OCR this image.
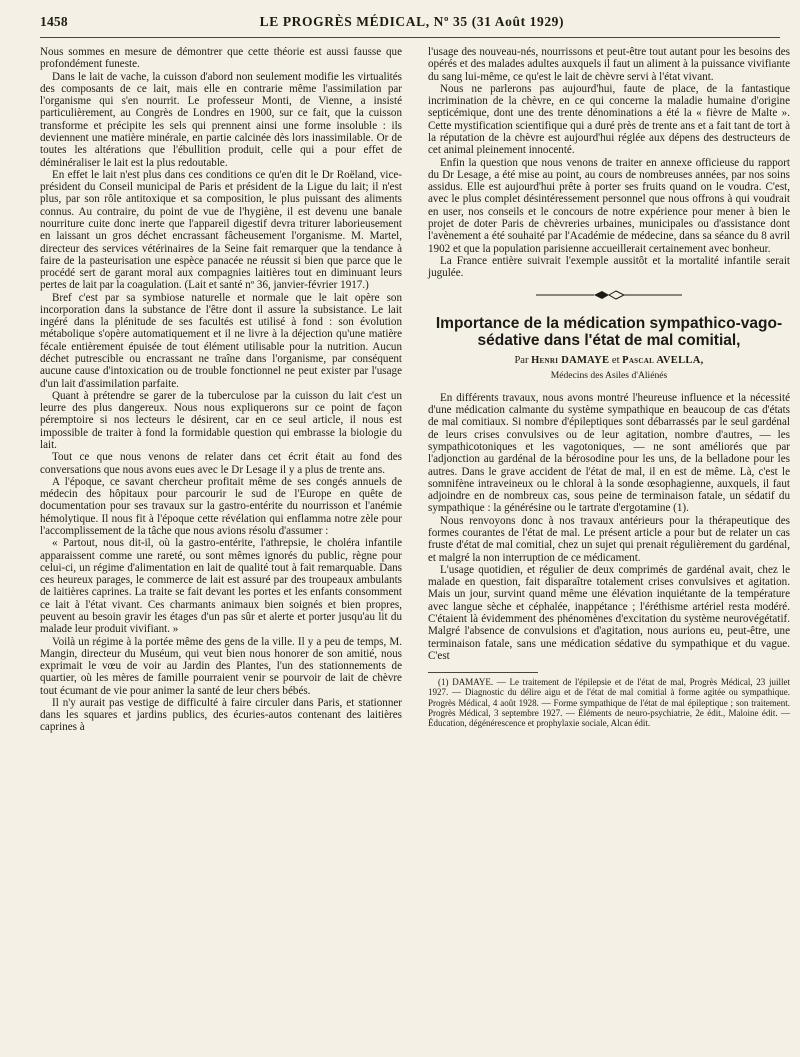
1458	LE PROGRÈS MÉDICAL, Nº 35 (31 Août 1929)

Nous sommes en mesure de démontrer que cette théorie est aussi fausse que profondément funeste.

Dans le lait de vache, la cuisson d'abord non seulement modifie les virtualités des composants de ce lait, mais elle en contrarie même l'assimilation par l'organisme qui s'en nourrit. Le professeur Monti, de Vienne, a insisté particulièrement, au Congrès de Londres en 1900, sur ce fait, que la cuisson transforme et précipite les sels qui prennent ainsi une forme insoluble : ils deviennent une matière minérale, en partie calcinée dès lors inassimilable. Or de toutes les altérations que l'ébullition produit, celle qui a pour effet de déminéraliser le lait est la plus redoutable.

En effet le lait n'est plus dans ces conditions ce qu'en dit le Dr Roëland, vice-président du Conseil municipal de Paris et président de la Ligue du lait; il n'est plus, par son rôle antitoxique et sa composition, le plus puissant des aliments connus. Au contraire, du point de vue de l'hygiène, il est devenu une banale nourriture cuite donc inerte que l'appareil digestif devra triturer laborieusement en laissant un gros déchet encrassant fâcheusement l'organisme. M. Martel, directeur des services vétérinaires de la Seine fait remarquer que la tendance à faire de la pasteurisation une espèce panacée ne réussit si bien que parce que le procédé sert de garant moral aux compagnies laitières tout en diminuant leurs pertes de lait par la coagulation. (Lait et santé nº 36, janvier-février 1917.)

Bref c'est par sa symbiose naturelle et normale que le lait opère son incorporation dans la substance de l'être dont il assure la subsistance. Le lait ingéré dans la plénitude de ses facultés est utilisé à fond : son évolution métabolique s'opère automatiquement et il ne livre à la déjection qu'une matière fécale entièrement épuisée de tout élément utilisable pour la nutrition. Aucun déchet putrescible ou encrassant ne traîne dans l'organisme, par conséquent aucune cause d'intoxication ou de trouble fonctionnel ne peut exister par l'usage d'un lait d'assimilation parfaite.

Quant à prétendre se garer de la tuberculose par la cuisson du lait c'est un leurre des plus dangereux. Nous nous expliquerons sur ce point de façon péremptoire si nos lecteurs le désirent, car en ce seul article, il nous est impossible de traiter à fond la formidable question qui embrasse la biologie du lait.

Tout ce que nous venons de relater dans cet écrit était au fond des conversations que nous avons eues avec le Dr Lesage il y a plus de trente ans.

A l'époque, ce savant chercheur profitait même de ses congés annuels de médecin des hôpitaux pour parcourir le sud de l'Europe en quête de documentation pour ses travaux sur la gastro-entérite du nourrisson et l'anémie hémolytique. Il nous fit à l'époque cette révélation qui enflamma notre zèle pour l'accomplissement de la tâche que nous avions résolu d'assumer :

« Partout, nous dit-il, où la gastro-entérite, l'athrepsie, le choléra infantile apparaissent comme une rareté, ou sont mêmes ignorés du public, règne pour celui-ci, un régime d'alimentation en lait de qualité tout à fait remarquable. Dans ces heureux parages, le commerce de lait est assuré par des troupeaux ambulants de laitières caprines. La traite se fait devant les portes et les enfants consomment ce lait à l'état vivant. Ces charmants animaux bien soignés et bien propres, peuvent au besoin gravir les étages d'un pas sûr et alerte et porter jusqu'au lit du malade leur produit vivifiant. »

Voilà un régime à la portée même des gens de la ville. Il y a peu de temps, M. Mangin, directeur du Muséum, qui veut bien nous honorer de son amitié, nous exprimait le vœu de voir au Jardin des Plantes, l'un des stationnements de quartier, où les mères de famille pourraient venir se pourvoir de lait de chèvre tout écumant de vie pour animer la santé de leur chers bébés.

Il n'y aurait pas vestige de difficulté à faire circuler dans Paris, et stationner dans les squares et jardins publics, des écuries-autos contenant des laitières caprines à

l'usage des nouveau-nés, nourrissons et peut-être tout autant pour les besoins des opérés et des malades adultes auxquels il faut un aliment à la puissance vivifiante du sang lui-même, ce qu'est le lait de chèvre servi à l'état vivant.

Nous ne parlerons pas aujourd'hui, faute de place, de la fantastique incrimination de la chèvre, en ce qui concerne la maladie humaine d'origine septicémique, dont une des trente dénominations a été la « fièvre de Malte ». Cette mystification scientifique qui a duré près de trente ans et a fait tant de tort à la réputation de la chèvre est aujourd'hui réglée aux dépens des destructeurs de cet animal pleinement innocenté.

Enfin la question que nous venons de traiter en annexe officieuse du rapport du Dr Lesage, a été mise au point, au cours de nombreuses années, par nos soins assidus. Elle est aujourd'hui prête à porter ses fruits quand on le voudra. C'est, avec le plus complet désintéressement personnel que nous offrons à qui voudrait en user, nos conseils et le concours de notre expérience pour mener à bien le projet de doter Paris de chèvreries urbaines, municipales ou d'assistance dont l'avènement a été souhaité par l'Académie de médecine, dans sa séance du 8 avril 1902 et que la population parisienne accueillerait certainement avec bonheur.

La France entière suivrait l'exemple aussitôt et la mortalité infantile serait jugulée.

Importance de la médication sympathico-vago-sédative dans l'état de mal comitial,
Par Henri DAMAYE et Pascal AVELLA,
Médecins des Asiles d'Aliénés

En différents travaux, nous avons montré l'heureuse influence et la nécessité d'une médication calmante du système sympathique en beaucoup de cas d'états de mal comitiaux. Si nombre d'épileptiques sont débarrassés par le seul gardénal de leurs crises convulsives ou de leur agitation, nombre d'autres, — les sympathicotoniques et les vagotoniques, — ne sont améliorés que par l'adjonction au gardénal de la bérosodine pour les uns, de la belladone pour les autres. Dans le grave accident de l'état de mal, il en est de même. Là, c'est le somnifène intraveineux ou le chloral à la sonde œsophagienne, auxquels, il faut adjoindre en de nombreux cas, sous peine de terminaison fatale, un sédatif du sympathique : la générésine ou le tartrate d'ergotamine (1).

Nous renvoyons donc à nos travaux antérieurs pour la thérapeutique des formes courantes de l'état de mal. Le présent article a pour but de relater un cas fruste d'état de mal comitial, chez un sujet qui prenait régulièrement du gardénal, et malgré la non interruption de ce médicament.

L'usage quotidien, et régulier de deux comprimés de gardénal avait, chez le malade en question, fait disparaître totalement crises convulsives et agitation. Mais un jour, survint quand même une élévation inquiétante de la température avec langue sèche et céphalée, inappétance ; l'éréthisme artériel resta modéré. C'étaient là évidemment des phénomènes d'excitation du système neurovégétatif. Malgré l'absence de convulsions et d'agitation, nous aurions eu, peut-être, une terminaison fatale, sans une médication sédative du sympathique et du vague. C'est

(1) DAMAYE. — Le traitement de l'épilepsie et de l'état de mal, Progrès Médical, 23 juillet 1927. — Diagnostic du délire aigu et de l'état de mal comitial à forme agitée ou sympathique. Progrès Médical, 4 août 1928. — Forme sympathique de l'état de mal épileptique ; son traitement. Progrès Médical, 3 septembre 1927. — Éléments de neuro-psychiatrie, 2e édit., Maloine édit. — Éducation, dégénérescence et prophylaxie sociale, Alcan édit.
